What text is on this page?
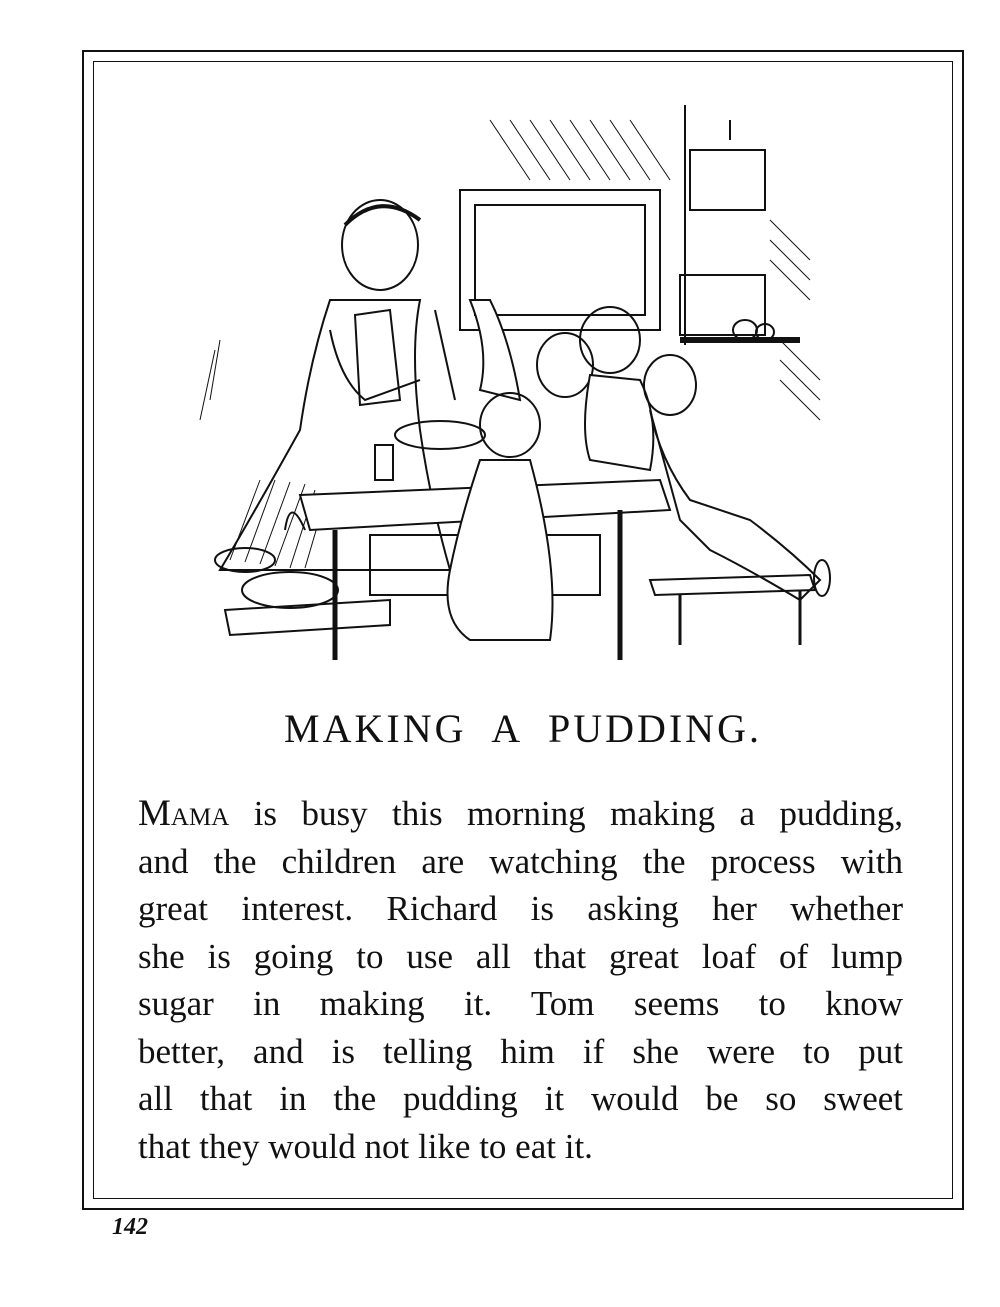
MAKING A PUDDING.
Mama is busy this morning making a pudding,
and the children are watching the process with
great interest. Richard is asking her whether
she is going to use all that great loaf of lump
sugar in making it. Tom seems to know
better, and is telling him if she were to put
all that in the pudding it would be so sweet
that they would not like to eat it.
142
